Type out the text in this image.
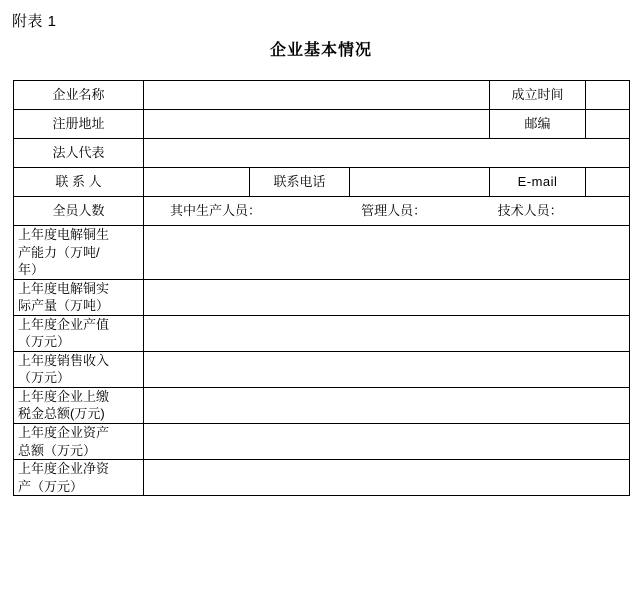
附表 1
企业基本情况
企业名称				成立时间	
注册地址				邮编	
法人代表					
联 系 人		联系电话		E-mail	
全员人数	其中生产人员： 管理人员： 技术人员：				

上年度电解铜生
产能力（万吨/
年）					

上年度电解铜实
际产量（万吨）					

上年度企业产值
（万元）					

上年度销售收入
（万元）					

上年度企业上缴
税金总额(万元)					

上年度企业资产
总额（万元）					

上年度企业净资
产（万元）					
